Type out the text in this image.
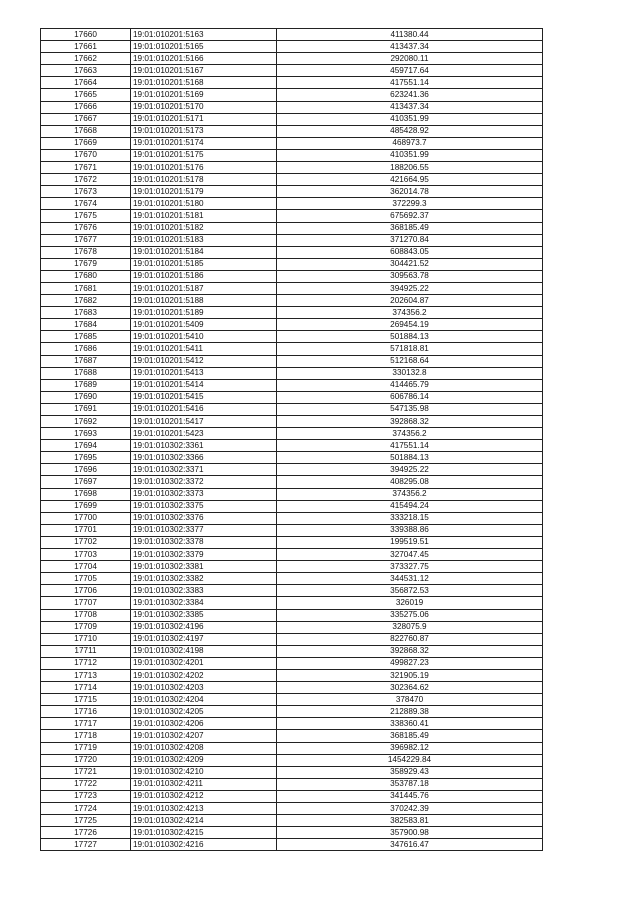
17660	19:01:010201:5163	411380.44
17661	19:01:010201:5165	413437.34
17662	19:01:010201:5166	292080.11
17663	19:01:010201:5167	459717.64
17664	19:01:010201:5168	417551.14
17665	19:01:010201:5169	623241.36
17666	19:01:010201:5170	413437.34
17667	19:01:010201:5171	410351.99
17668	19:01:010201:5173	485428.92
17669	19:01:010201:5174	468973.7
17670	19:01:010201:5175	410351.99
17671	19:01:010201:5176	188206.55
17672	19:01:010201:5178	421664.95
17673	19:01:010201:5179	362014.78
17674	19:01:010201:5180	372299.3
17675	19:01:010201:5181	675692.37
17676	19:01:010201:5182	368185.49
17677	19:01:010201:5183	371270.84
17678	19:01:010201:5184	608843.05
17679	19:01:010201:5185	304421.52
17680	19:01:010201:5186	309563.78
17681	19:01:010201:5187	394925.22
17682	19:01:010201:5188	202604.87
17683	19:01:010201:5189	374356.2
17684	19:01:010201:5409	269454.19
17685	19:01:010201:5410	501884.13
17686	19:01:010201:5411	571818.81
17687	19:01:010201:5412	512168.64
17688	19:01:010201:5413	330132.8
17689	19:01:010201:5414	414465.79
17690	19:01:010201:5415	606786.14
17691	19:01:010201:5416	547135.98
17692	19:01:010201:5417	392868.32
17693	19:01:010201:5423	374356.2
17694	19:01:010302:3361	417551.14
17695	19:01:010302:3366	501884.13
17696	19:01:010302:3371	394925.22
17697	19:01:010302:3372	408295.08
17698	19:01:010302:3373	374356.2
17699	19:01:010302:3375	415494.24
17700	19:01:010302:3376	333218.15
17701	19:01:010302:3377	339388.86
17702	19:01:010302:3378	199519.51
17703	19:01:010302:3379	327047.45
17704	19:01:010302:3381	373327.75
17705	19:01:010302:3382	344531.12
17706	19:01:010302:3383	356872.53
17707	19:01:010302:3384	326019
17708	19:01:010302:3385	335275.06
17709	19:01:010302:4196	328075.9
17710	19:01:010302:4197	822760.87
17711	19:01:010302:4198	392868.32
17712	19:01:010302:4201	499827.23
17713	19:01:010302:4202	321905.19
17714	19:01:010302:4203	302364.62
17715	19:01:010302:4204	378470
17716	19:01:010302:4205	212889.38
17717	19:01:010302:4206	338360.41
17718	19:01:010302:4207	368185.49
17719	19:01:010302:4208	396982.12
17720	19:01:010302:4209	1454229.84
17721	19:01:010302:4210	358929.43
17722	19:01:010302:4211	353787.18
17723	19:01:010302:4212	341445.76
17724	19:01:010302:4213	370242.39
17725	19:01:010302:4214	382583.81
17726	19:01:010302:4215	357900.98
17727	19:01:010302:4216	347616.47
